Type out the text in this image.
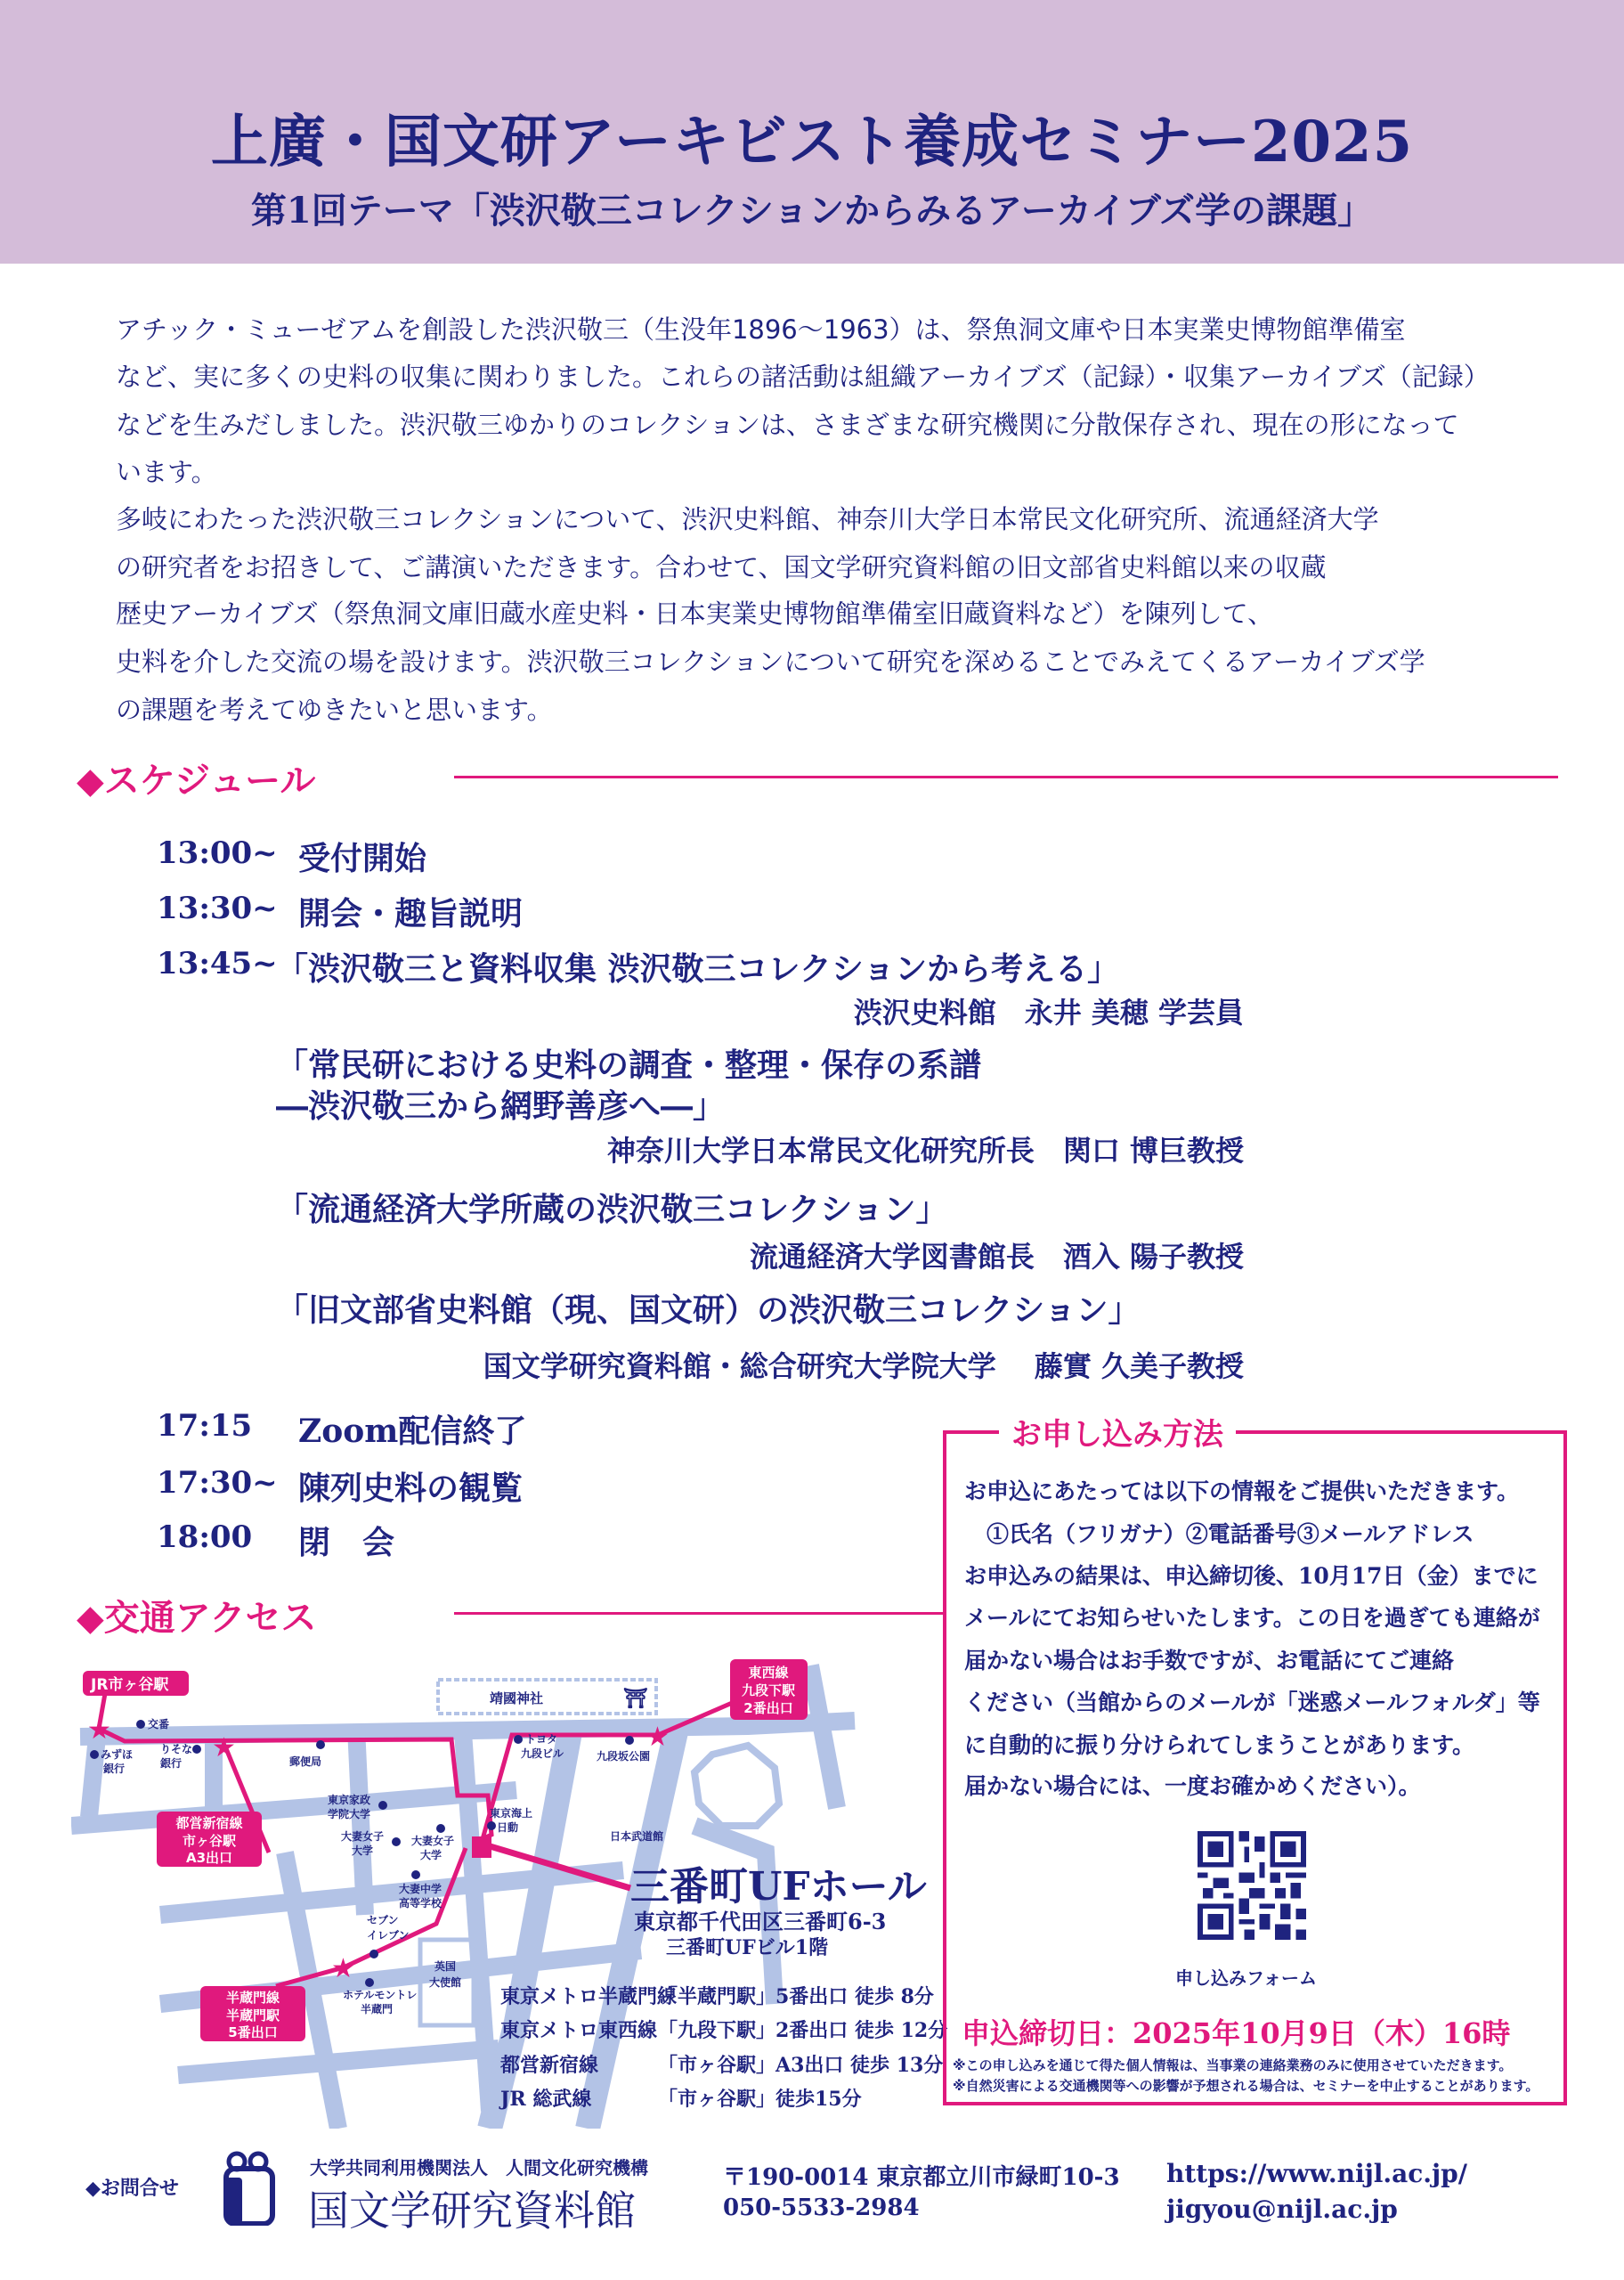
上廣・国文研アーキビスト養成セミナー2025
第1回テーマ「渋沢敬三コレクションからみるアーカイブズ学の課題」
アチック・ミューゼアムを創設した渋沢敬三（生没年1896〜1963）は、祭魚洞文庫や日本実業史博物館準備室
など、実に多くの史料の収集に関わりました。これらの諸活動は組織アーカイブズ（記録）・収集アーカイブズ（記録）
などを生みだしました。渋沢敬三ゆかりのコレクションは、さまざまな研究機関に分散保存され、現在の形になって
います。
多岐にわたった渋沢敬三コレクションについて、渋沢史料館、神奈川大学日本常民文化研究所、流通経済大学
の研究者をお招きして、ご講演いただきます。合わせて、国文学研究資料館の旧文部省史料館以来の収蔵
歴史アーカイブズ（祭魚洞文庫旧蔵水産史料・日本実業史博物館準備室旧蔵資料など）を陳列して、
史料を介した交流の場を設けます。渋沢敬三コレクションについて研究を深めることでみえてくるアーカイブズ学
の課題を考えてゆきたいと思います。
◆スケジュール
13:00~ 受付開始
13:30~ 開会・趣旨説明
13:45~
「渋沢敬三と資料収集 渋沢敬三コレクションから考える」
渋沢史料館　永井 美穂 学芸員
「常民研における史料の調査・整理・保存の系譜
―渋沢敬三から網野善彦へ―」
神奈川大学日本常民文化研究所長　関口 博巨教授
「流通経済大学所蔵の渋沢敬三コレクション」
流通経済大学図書館長　酒入 陽子教授
「旧文部省史料館（現、国文研）の渋沢敬三コレクション」
国文学研究資料館・総合研究大学院大学　 藤實 久美子教授
17:15 Zoom配信終了
17:30~ 陳列史料の観覧
18:00 閉　会
◆交通アクセス
靖國神社	⛩
★
★
★
★
JR市ヶ谷駅
東西線
九段下駅
2番出口
都営新宿線
市ヶ谷駅
A3出口
半蔵門線
半蔵門駅
5番出口
交番
みずほ
銀行
りそな
銀行	郵便局
トヨタ
九段ビル	九段坂公園
東京家政
学院大学
大妻女子
大学
大妻女子
大学
大妻中学
高等学校
東京海上
日動
日本武道館
セブン
イレブン
ホテルモントレ
半蔵門
英国
大使館
三番町UFホール
東京都千代田区三番町6-3
三番町UFビル1階
東京メトロ半蔵門線
「半蔵門駅」5番出口 徒歩 8分
東京メトロ東西線 「九段下駅」2番出口 徒歩 12分
都営新宿線	「市ヶ谷駅」A3出口 徒歩 13分
JR 総武線	「市ヶ谷駅」徒歩15分
お申し込み方法
お申込にあたっては以下の情報をご提供いただきます。
　①氏名（フリガナ）②電話番号③メールアドレス
お申込みの結果は、申込締切後、10月17日（金）までに
メールにてお知らせいたします。この日を過ぎても連絡が
届かない場合はお手数ですが、お電話にてご連絡
ください（当館からのメールが「迷惑メールフォルダ」等
に自動的に振り分けられてしまうことがあります。
届かない場合には、一度お確かめください）。
申し込みフォーム
申込締切日：2025年10月9日（木）16時
※この申し込みを通じて得た個人情報は、当事業の連絡業務のみに使用させていただきます。
※自然災害による交通機関等への影響が予想される場合は、セミナーを中止することがあります。
◆お問合せ
大学共同利用機関法人　人間文化研究機構
国文学研究資料館
〒190-0014 東京都立川市緑町10-3
050-5533-2984
https://www.nijl.ac.jp/
jigyou@nijl.ac.jp
